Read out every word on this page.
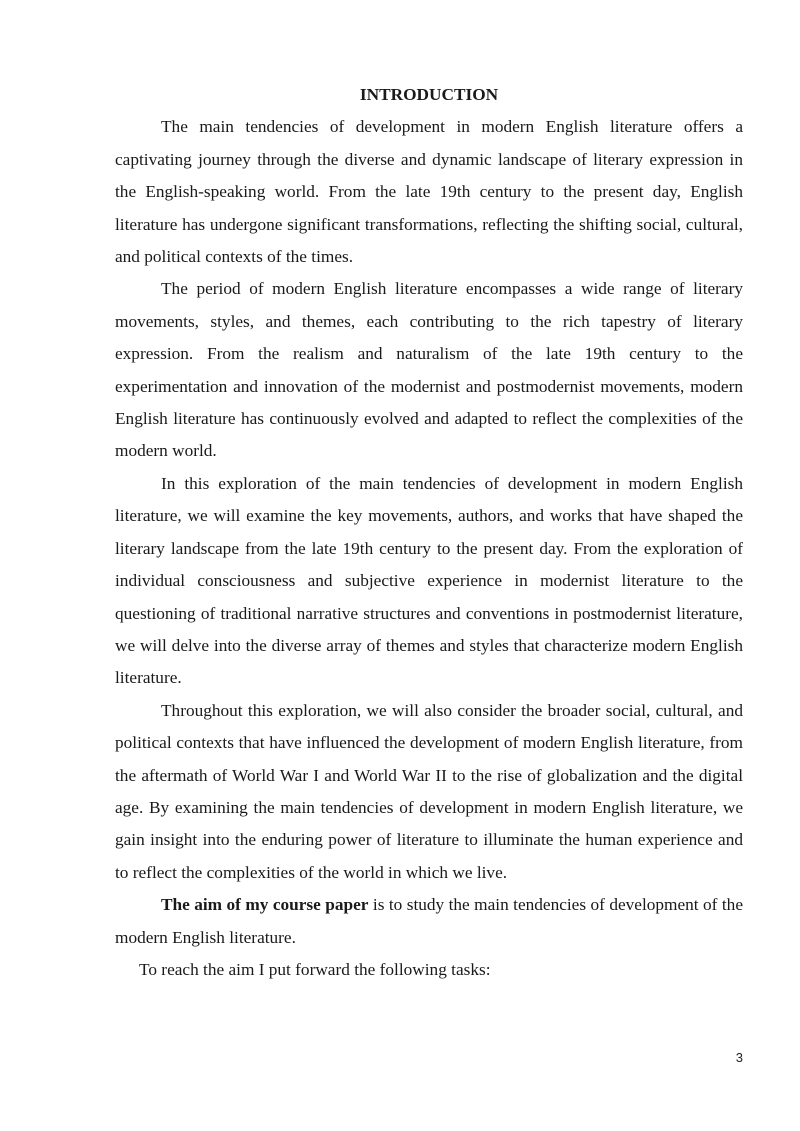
INTRODUCTION

The main tendencies of development in modern English literature offers a captivating journey through the diverse and dynamic landscape of literary expression in the English-speaking world. From the late 19th century to the present day, English literature has undergone significant transformations, reflecting the shifting social, cultural, and political contexts of the times.

The period of modern English literature encompasses a wide range of literary movements, styles, and themes, each contributing to the rich tapestry of literary expression. From the realism and naturalism of the late 19th century to the experimentation and innovation of the modernist and postmodernist movements, modern English literature has continuously evolved and adapted to reflect the complexities of the modern world.

In this exploration of the main tendencies of development in modern English literature, we will examine the key movements, authors, and works that have shaped the literary landscape from the late 19th century to the present day. From the exploration of individual consciousness and subjective experience in modernist literature to the questioning of traditional narrative structures and conventions in postmodernist literature, we will delve into the diverse array of themes and styles that characterize modern English literature.

Throughout this exploration, we will also consider the broader social, cultural, and political contexts that have influenced the development of modern English literature, from the aftermath of World War I and World War II to the rise of globalization and the digital age. By examining the main tendencies of development in modern English literature, we gain insight into the enduring power of literature to illuminate the human experience and to reflect the complexities of the world in which we live.

The aim of my course paper is to study the main tendencies of development of the modern English literature.

To reach the aim I put forward the following tasks:

3
